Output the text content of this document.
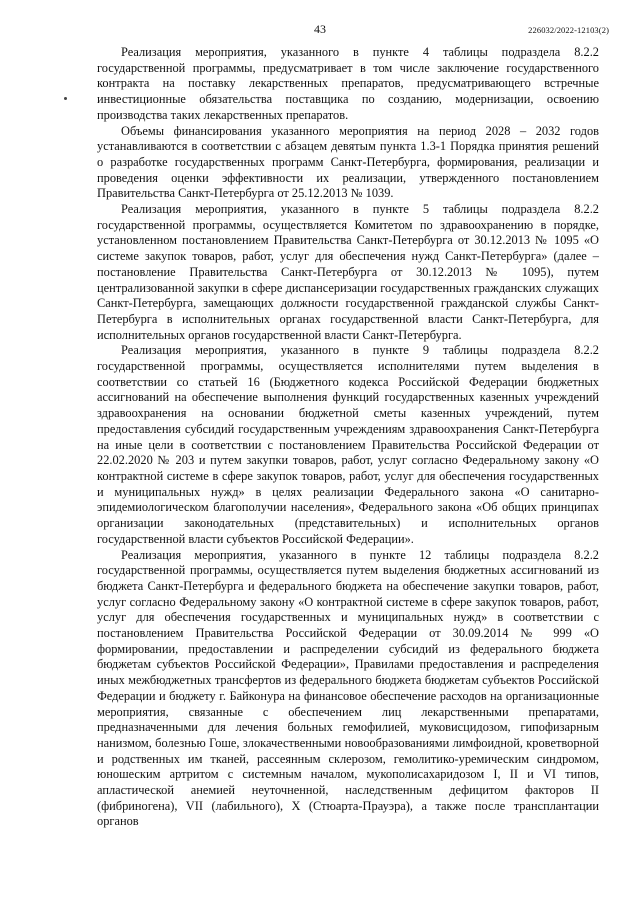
43	226032/2022-12103(2)

Реализация мероприятия, указанного в пункте 4 таблицы подраздела 8.2.2 государственной программы, предусматривает в том числе заключение государственного контракта на поставку лекарственных препаратов, предусматривающего встречные инвестиционные обязательства поставщика по созданию, модернизации, освоению производства таких лекарственных препаратов.

Объемы финансирования указанного мероприятия на период 2028 – 2032 годов устанавливаются в соответствии с абзацем девятым пункта 1.3-1 Порядка принятия решений о разработке государственных программ Санкт-Петербурга, формирования, реализации и проведения оценки эффективности их реализации, утвержденного постановлением Правительства Санкт-Петербурга от 25.12.2013 № 1039.

Реализация мероприятия, указанного в пункте 5 таблицы подраздела 8.2.2 государственной программы, осуществляется Комитетом по здравоохранению в порядке, установленном постановлением Правительства Санкт-Петербурга от 30.12.2013 № 1095 «О системе закупок товаров, работ, услуг для обеспечения нужд Санкт-Петербурга» (далее – постановление Правительства Санкт-Петербурга от 30.12.2013 № 1095), путем централизованной закупки в сфере диспансеризации государственных гражданских служащих Санкт-Петербурга, замещающих должности государственной гражданской службы Санкт-Петербурга в исполнительных органах государственной власти Санкт-Петербурга, для исполнительных органов государственной власти Санкт-Петербурга.

Реализация мероприятия, указанного в пункте 9 таблицы подраздела 8.2.2 государственной программы, осуществляется исполнителями путем выделения в соответствии со статьей 16 (Бюджетного кодекса Российской Федерации бюджетных ассигнований на обеспечение выполнения функций государственных казенных учреждений здравоохранения на основании бюджетной сметы казенных учреждений, путем предоставления субсидий государственным учреждениям здравоохранения Санкт-Петербурга на иные цели в соответствии с постановлением Правительства Российской Федерации от 22.02.2020 № 203 и путем закупки товаров, работ, услуг согласно Федеральному закону «О контрактной системе в сфере закупок товаров, работ, услуг для обеспечения государственных и муниципальных нужд» в целях реализации Федерального закона «О санитарно-эпидемиологическом благополучии населения», Федерального закона «Об общих принципах организации законодательных (представительных) и исполнительных органов государственной власти субъектов Российской Федерации».

Реализация мероприятия, указанного в пункте 12 таблицы подраздела 8.2.2 государственной программы, осуществляется путем выделения бюджетных ассигнований из бюджета Санкт-Петербурга и федерального бюджета на обеспечение закупки товаров, работ, услуг согласно Федеральному закону «О контрактной системе в сфере закупок товаров, работ, услуг для обеспечения государственных и муниципальных нужд» в соответствии с постановлением Правительства Российской Федерации от 30.09.2014 № 999 «О формировании, предоставлении и распределении субсидий из федерального бюджета бюджетам субъектов Российской Федерации», Правилами предоставления и распределения иных межбюджетных трансфертов из федерального бюджета бюджетам субъектов Российской Федерации и бюджету г. Байконура на финансовое обеспечение расходов на организационные мероприятия, связанные с обеспечением лиц лекарственными препаратами, предназначенными для лечения больных гемофилией, муковисцидозом, гипофизарным нанизмом, болезнью Гоше, злокачественными новообразованиями лимфоидной, кроветворной и родственных им тканей, рассеянным склерозом, гемолитико-уремическим синдромом, юношеским артритом с системным началом, мукополисахаридозом I, II и VI типов, апластической анемией неуточненной, наследственным дефицитом факторов II (фибриногена), VII (лабильного), X (Стюарта-Прауэра), а также после трансплантации органов
